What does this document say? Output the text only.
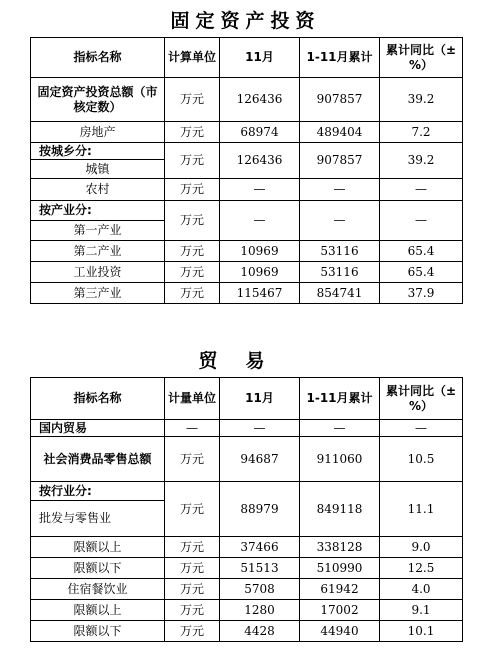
固定资产投资
指标名称	计算单位	11月	1-11月累计	累计同比（±%）
固定资产投资总额（市核定数）	万元	126436	907857	39.2
房地产	万元	68974	489404	7.2
按城乡分:	万元	126436	907857	39.2
城镇				
农村	万元	—	—	—
按产业分:	万元	—	—	—
第一产业				
第二产业	万元	10969	53116	65.4
工业投资	万元	10969	53116	65.4
第三产业	万元	115467	854741	37.9
贸易
指标名称	计量单位	11月	1-11月累计	累计同比（±%）
国内贸易	—	—	—	—
社会消费品零售总额	万元	94687	911060	10.5
按行业分:	万元	88979	849118	11.1
批发与零售业				
限额以上	万元	37466	338128	9.0
限额以下	万元	51513	510990	12.5
住宿餐饮业	万元	5708	61942	4.0
限额以上	万元	1280	17002	9.1
限额以下	万元	4428	44940	10.1
